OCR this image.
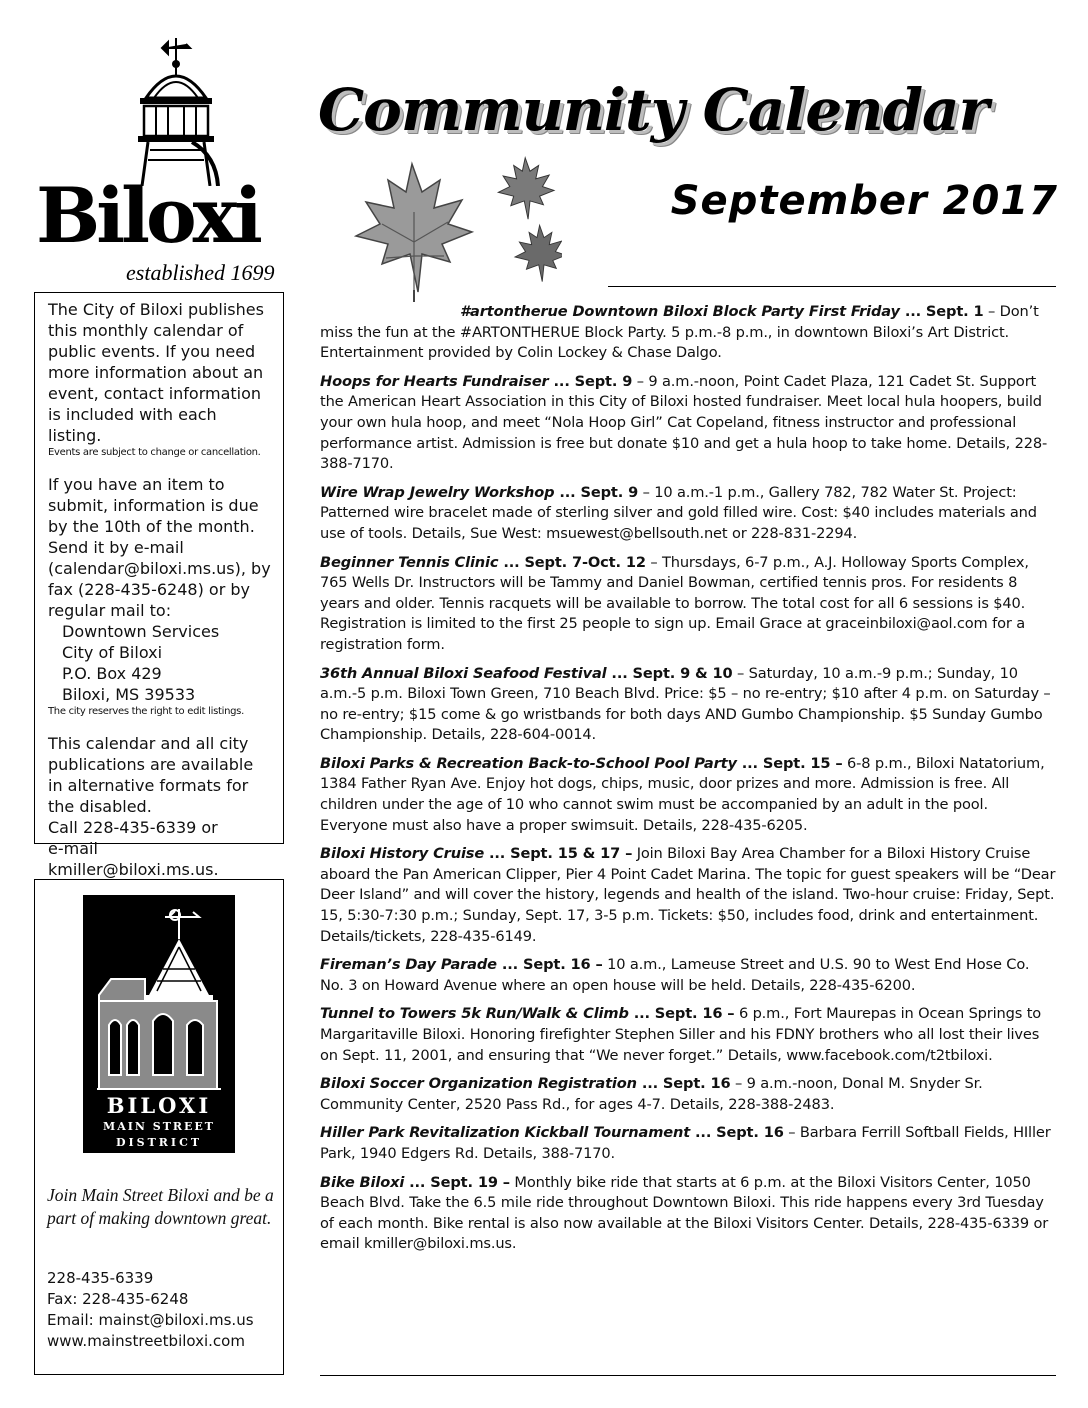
Biloxi
established 1699
Community Calendar
September 2017

The City of Biloxi publishes this monthly calendar of public events. If you need more information about an event, contact information is included with each listing.

Events are subject to change or cancellation.

If you have an item to submit, information is due by the 10th of the month. Send it by e-mail (calendar@biloxi.ms.us), by fax (228-435-6248) or by regular mail to:

Downtown Services

City of Biloxi

P.O. Box 429

Biloxi, MS 39533

The city reserves the right to edit listings.

This calendar and all city publications are available in alternative formats for the disabled.

Call 228-435-6339 or

e-mail kmiller@biloxi.ms.us.

BILOXI
MAIN STREET
DISTRICT
Join Main Street Biloxi and be a part of making downtown great.
228-435-6339
Fax: 228-435-6248
Email: mainst@biloxi.ms.us
www.mainstreetbiloxi.com

#artontherue Downtown Biloxi Block Party First Friday ... Sept. 1 – Don’t miss the fun at the #ARTONTHERUE Block Party. 5 p.m.-8 p.m., in downtown Biloxi’s Art District. Entertainment provided by Colin Lockey & Chase Dalgo.

Hoops for Hearts Fundraiser ... Sept. 9 – 9 a.m.-noon, Point Cadet Plaza, 121 Cadet St. Support the American Heart Association in this City of Biloxi hosted fundraiser. Meet local hula hoopers, build your own hula hoop, and meet “Nola Hoop Girl” Cat Copeland, fitness instructor and professional performance artist. Admission is free but donate $10 and get a hula hoop to take home. Details, 228-388-7170.

Wire Wrap Jewelry Workshop ... Sept. 9 – 10 a.m.-1 p.m., Gallery 782, 782 Water St. Project: Patterned wire bracelet made of sterling silver and gold filled wire. Cost: $40 includes materials and use of tools. Details, Sue West: msuewest@bellsouth.net or 228-831-2294.

Beginner Tennis Clinic ... Sept. 7-Oct. 12 – Thursdays, 6-7 p.m., A.J. Holloway Sports Complex, 765 Wells Dr. Instructors will be Tammy and Daniel Bowman, certified tennis pros. For residents 8 years and older. Tennis racquets will be available to borrow. The total cost for all 6 sessions is $40. Registration is limited to the first 25 people to sign up. Email Grace at graceinbiloxi@aol.com for a registration form.

36th Annual Biloxi Seafood Festival ... Sept. 9 & 10 – Saturday, 10 a.m.-9 p.m.; Sunday, 10 a.m.-5 p.m. Biloxi Town Green, 710 Beach Blvd. Price: $5 – no re-entry; $10 after 4 p.m. on Saturday – no re-entry; $15 come & go wristbands for both days AND Gumbo Championship. $5 Sunday Gumbo Championship. Details, 228-604-0014.

Biloxi Parks & Recreation Back-to-School Pool Party ... Sept. 15 – 6-8 p.m., Biloxi Natatorium, 1384 Father Ryan Ave. Enjoy hot dogs, chips, music, door prizes and more. Admission is free. All children under the age of 10 who cannot swim must be accompanied by an adult in the pool. Everyone must also have a proper swimsuit. Details, 228-435-6205.

Biloxi History Cruise ... Sept. 15 & 17 – Join Biloxi Bay Area Chamber for a Biloxi History Cruise aboard the Pan American Clipper, Pier 4 Point Cadet Marina. The topic for guest speakers will be “Dear Deer Island” and will cover the history, legends and health of the island. Two-hour cruise: Friday, Sept. 15, 5:30-7:30 p.m.; Sunday, Sept. 17, 3-5 p.m. Tickets: $50, includes food, drink and entertainment. Details/tickets, 228-435-6149.

Fireman’s Day Parade ... Sept. 16 – 10 a.m., Lameuse Street and U.S. 90 to West End Hose Co. No. 3 on Howard Avenue where an open house will be held. Details, 228-435-6200.

Tunnel to Towers 5k Run/Walk & Climb ... Sept. 16 – 6 p.m., Fort Maurepas in Ocean Springs to Margaritaville Biloxi. Honoring firefighter Stephen Siller and his FDNY brothers who all lost their lives on Sept. 11, 2001, and ensuring that “We never forget.” Details, www.facebook.com/t2tbiloxi.

Biloxi Soccer Organization Registration ... Sept. 16 – 9 a.m.-noon, Donal M. Snyder Sr. Community Center, 2520 Pass Rd., for ages 4-7. Details, 228-388-2483.

Hiller Park Revitalization Kickball Tournament ... Sept. 16 – Barbara Ferrill Softball Fields, HIller Park, 1940 Edgers Rd. Details, 388-7170.

Bike Biloxi ... Sept. 19 – Monthly bike ride that starts at 6 p.m. at the Biloxi Visitors Center, 1050 Beach Blvd. Take the 6.5 mile ride throughout Downtown Biloxi. This ride happens every 3rd Tuesday of each month. Bike rental is also now available at the Biloxi Visitors Center. Details, 228-435-6339 or email kmiller@biloxi.ms.us.
